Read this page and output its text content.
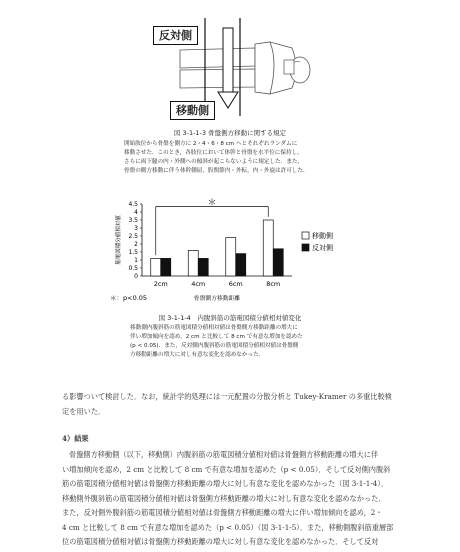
反対側
移動側
図 3-1-1-3 骨盤側方移動に関する規定
開始肢位から骨盤を側方に 2・4・6・8 cm へとそれぞれランダムに
移動させた．このとき，各肢位において体幹と骨盤を水平位に保持し，
さらに両下腿の内・外側への傾斜が起こらないように規定した．また，
骨盤の側方移動に伴う体幹側屈，股関節内・外転，内・外旋は許可した．
0
0.5
1
1.5
2
2.5
3
3.5
4
4.5
筋電図積分値相対値
2cm	4cm	6cm	8cm
＊
移動側
反対側
＊：p<0.05	骨盤側方移動距離
図 3-1-1-4　内腹斜筋の筋電図積分値相対値変化
移動側内腹斜筋の筋電図積分値相対値は骨盤側方移動距離の増大に
伴い増加傾向を認め，2 cm と比較して 8 cm で有意な増加を認めた
(p < 0.05)．また，反対側内腹斜筋の筋電図積分値相対値は骨盤側
方移動距離の増大に対し有意な変化を認めなかった．
る影響ついて検討した．なお，統計学的処理には一元配置の分散分析と Tukey-Kramer の多重比較検
定を用いた．
4）結果
骨盤側方移動側（以下，移動側）内腹斜筋の筋電図積分値相対値は骨盤側方移動距離の増大に伴
い増加傾向を認め，2 cm と比較して 8 cm で有意な増加を認めた（p < 0.05）．そして反対側内腹斜
筋の筋電図積分値相対値は骨盤側方移動距離の増大に対し有意な変化を認めなかった（図 3-1-1-4）．
移動側外腹斜筋の筋電図積分値相対値は骨盤側方移動距離の増大に対し有意な変化を認めなかった．
また，反対側外腹斜筋の筋電図積分値相対値は骨盤側方移動距離の増大に伴い増加傾向を認め，2・
4 cm と比較して 8 cm で有意な増加を認めた（p < 0.05）（図 3-1-1-5）．また，移動側腹斜筋重層部
位の筋電図積分値相対値は骨盤側方移動距離の増大に対し有意な変化を認めなかった．そして反対
